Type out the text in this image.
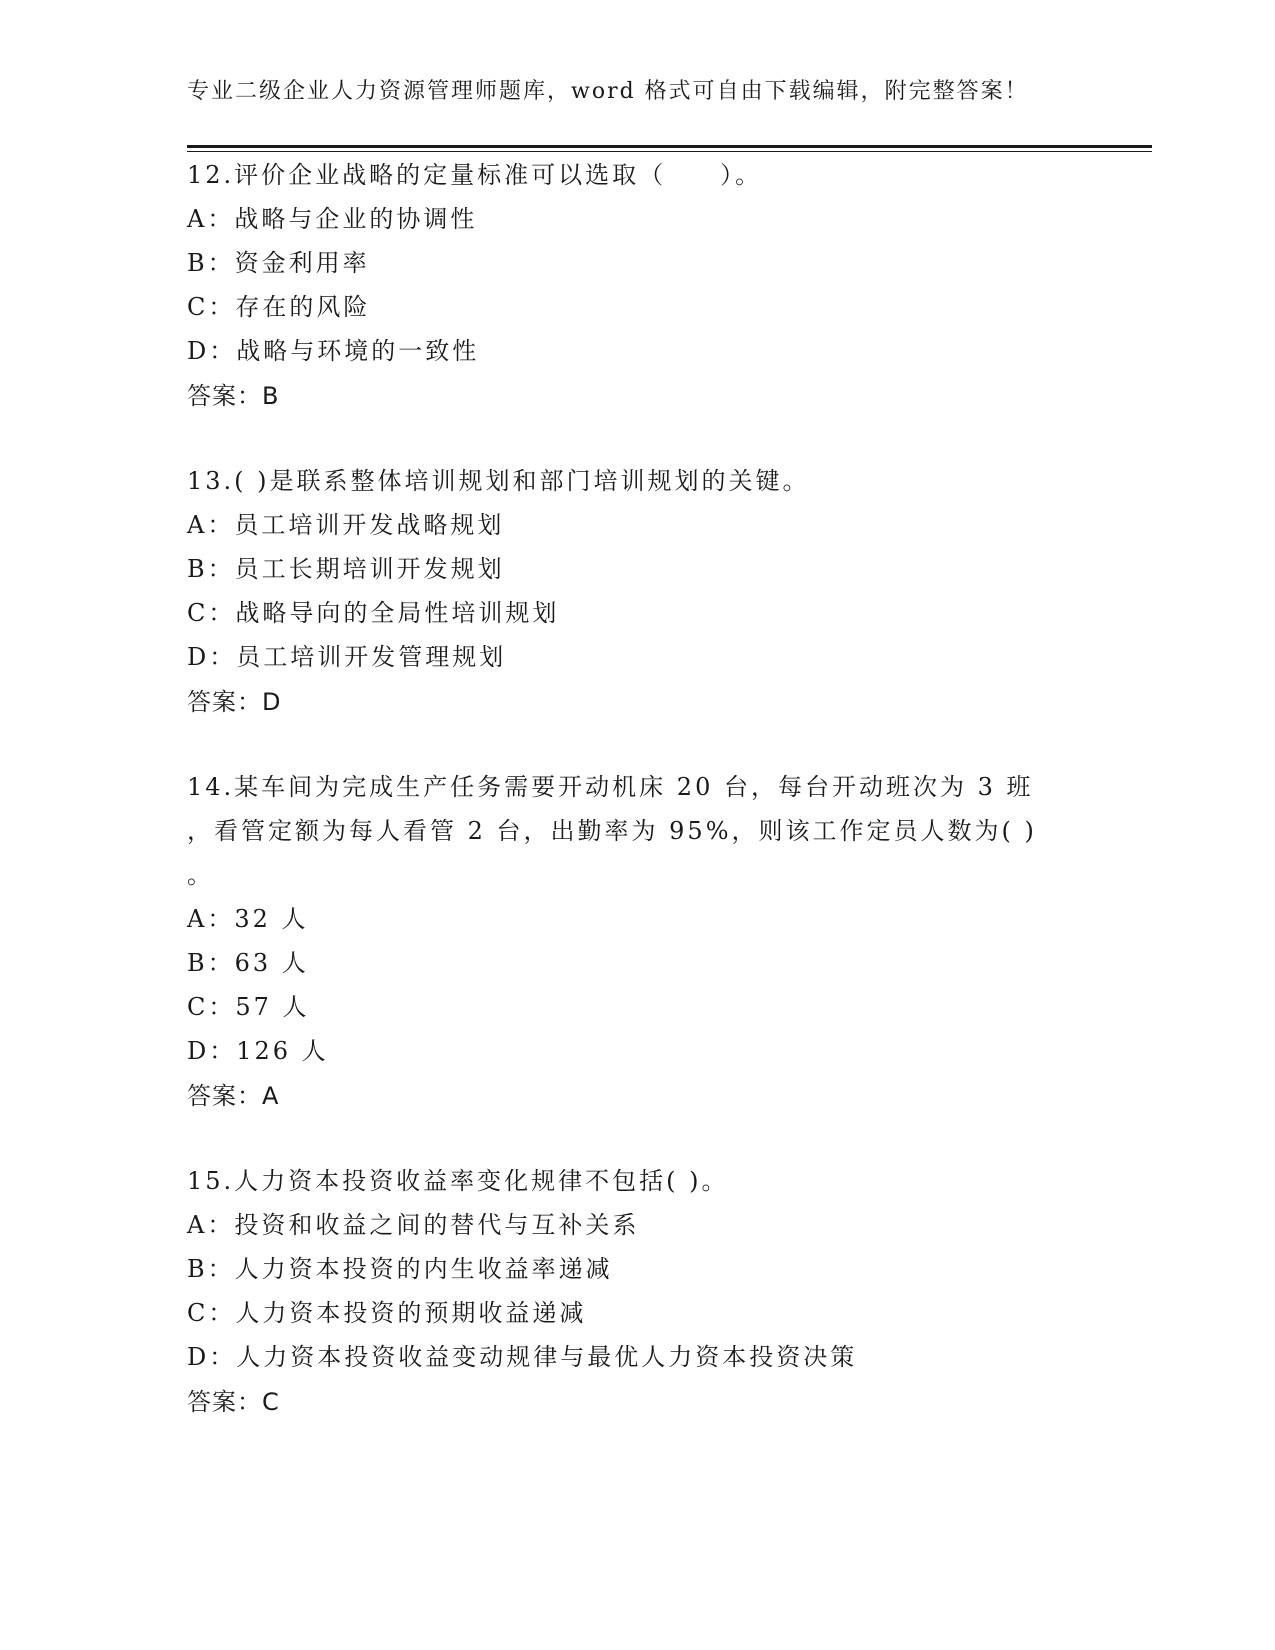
专业二级企业人力资源管理师题库，word 格式可自由下载编辑，附完整答案！
12.评价企业战略的定量标准可以选取（　　）。
A：战略与企业的协调性
B：资金利用率
C：存在的风险
D：战略与环境的一致性
答案：B
13.( )是联系整体培训规划和部门培训规划的关键。
A：员工培训开发战略规划
B：员工长期培训开发规划
C：战略导向的全局性培训规划
D：员工培训开发管理规划
答案：D
14.某车间为完成生产任务需要开动机床 20 台，每台开动班次为 3 班
，看管定额为每人看管 2 台，出勤率为 95%，则该工作定员人数为( )
。
A：32 人
B：63 人
C：57 人
D：126 人
答案：A
15.人力资本投资收益率变化规律不包括( )。
A：投资和收益之间的替代与互补关系
B：人力资本投资的内生收益率递减
C：人力资本投资的预期收益递减
D：人力资本投资收益变动规律与最优人力资本投资决策
答案：C
